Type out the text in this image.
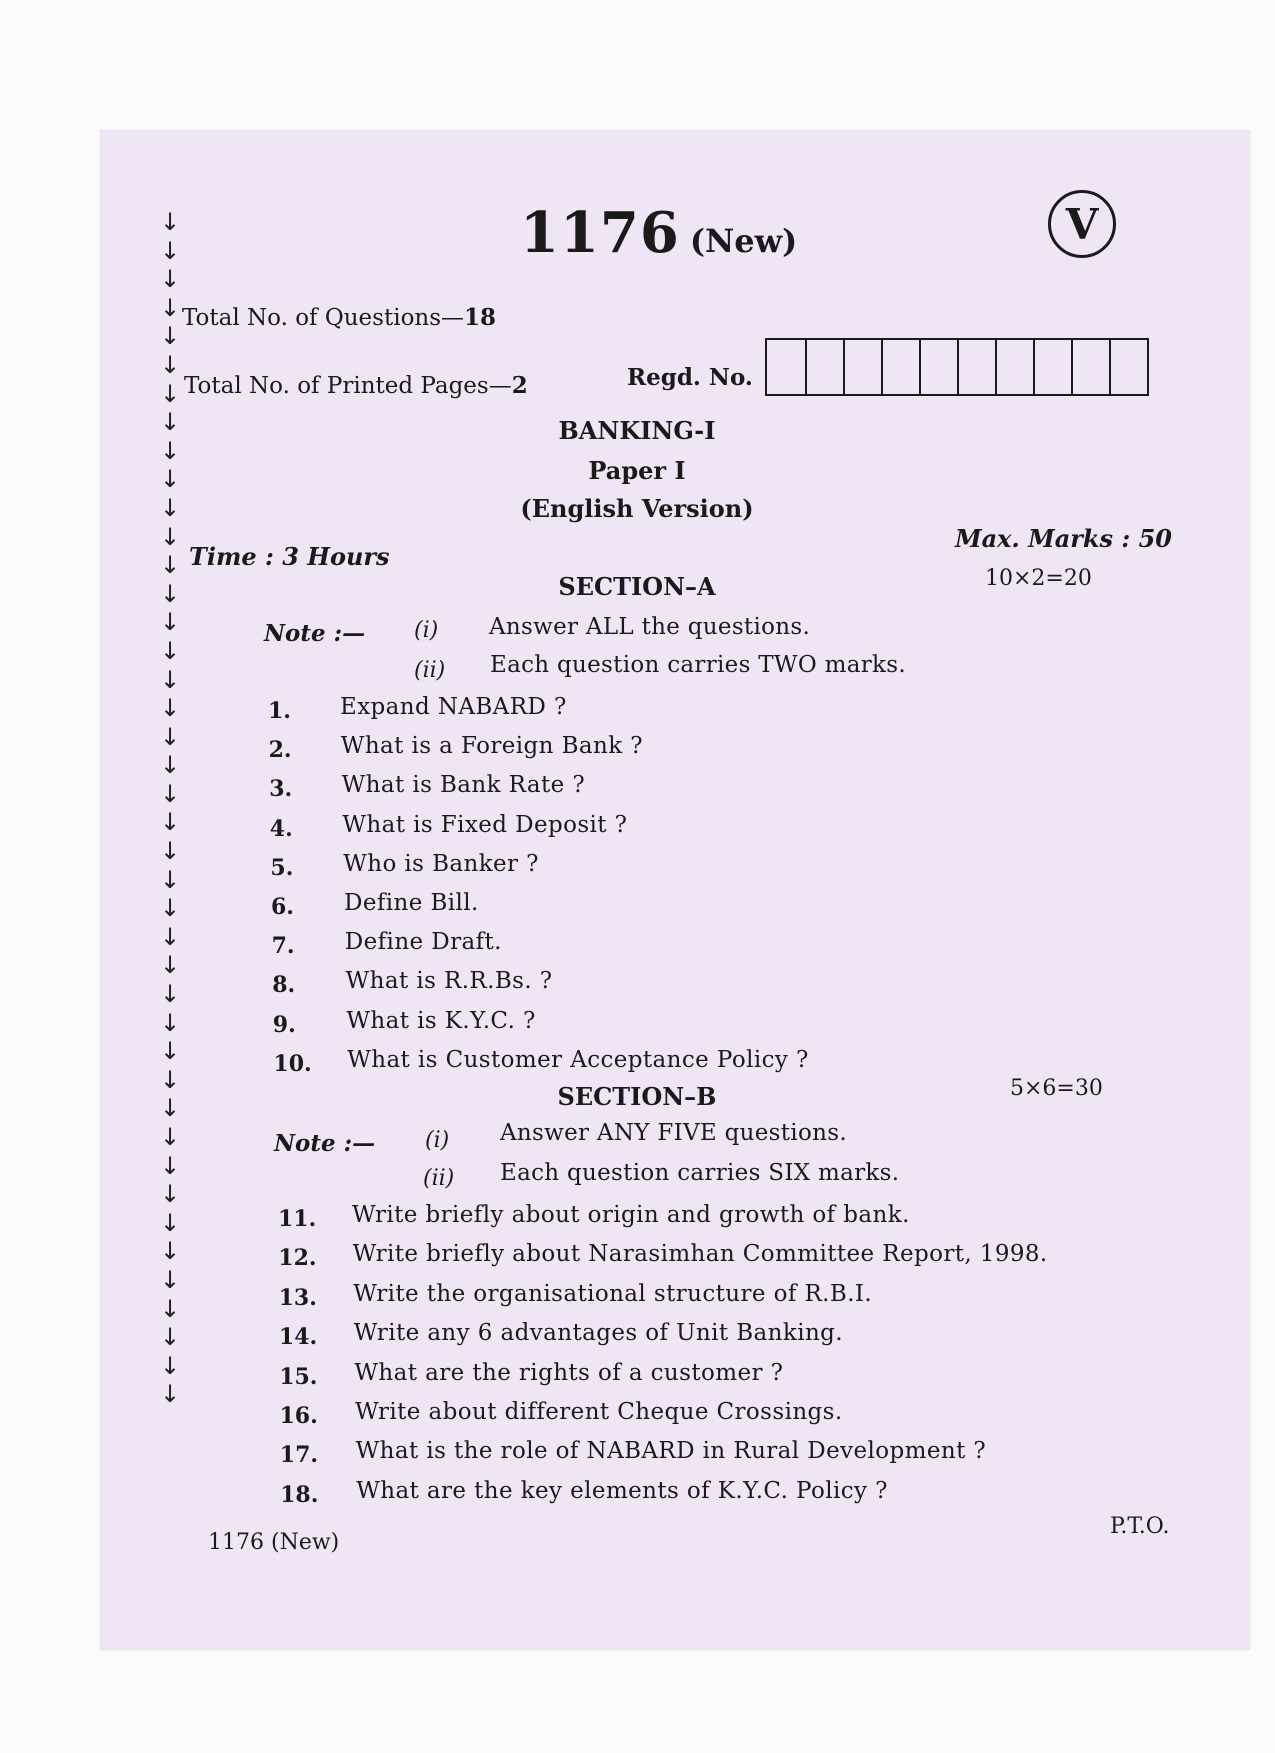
↓
↓
↓
↓
↓
↓
↓
↓
↓
↓
↓
↓
↓
↓
↓
↓
↓
↓
↓
↓
↓
↓
↓
↓
↓
↓
↓
↓
↓
↓
↓
↓
↓
↓
↓
↓
↓
↓
↓
↓
↓
↓
1176 (New)	V
Total No. of Questions—18
Total No. of Printed Pages—2	Regd. No.
BANKING-I
Paper I
(English Version)
Time : 3 Hours
Max. Marks : 50
SECTION–A	10×2=20
Note :— (i) Answer ALL the questions.
(ii) Each question carries TWO marks.
1. Expand NABARD ?
2. What is a Foreign Bank ?
3. What is Bank Rate ?
4. What is Fixed Deposit ?
5. Who is Banker ?
6. Define Bill.
7. Define Draft.
8. What is R.R.Bs. ?
9. What is K.Y.C. ?
10. What is Customer Acceptance Policy ?
SECTION–B	5×6=30
Note :— (i) Answer ANY FIVE questions.
(ii) Each question carries SIX marks.
11. Write briefly about origin and growth of bank.
12. Write briefly about Narasimhan Committee Report, 1998.
13. Write the organisational structure of R.B.I.
14. Write any 6 advantages of Unit Banking.
15. What are the rights of a customer ?
16. Write about different Cheque Crossings.
17. What is the role of NABARD in Rural Development ?
18. What are the key elements of K.Y.C. Policy ?
1176 (New)
P.T.O.
